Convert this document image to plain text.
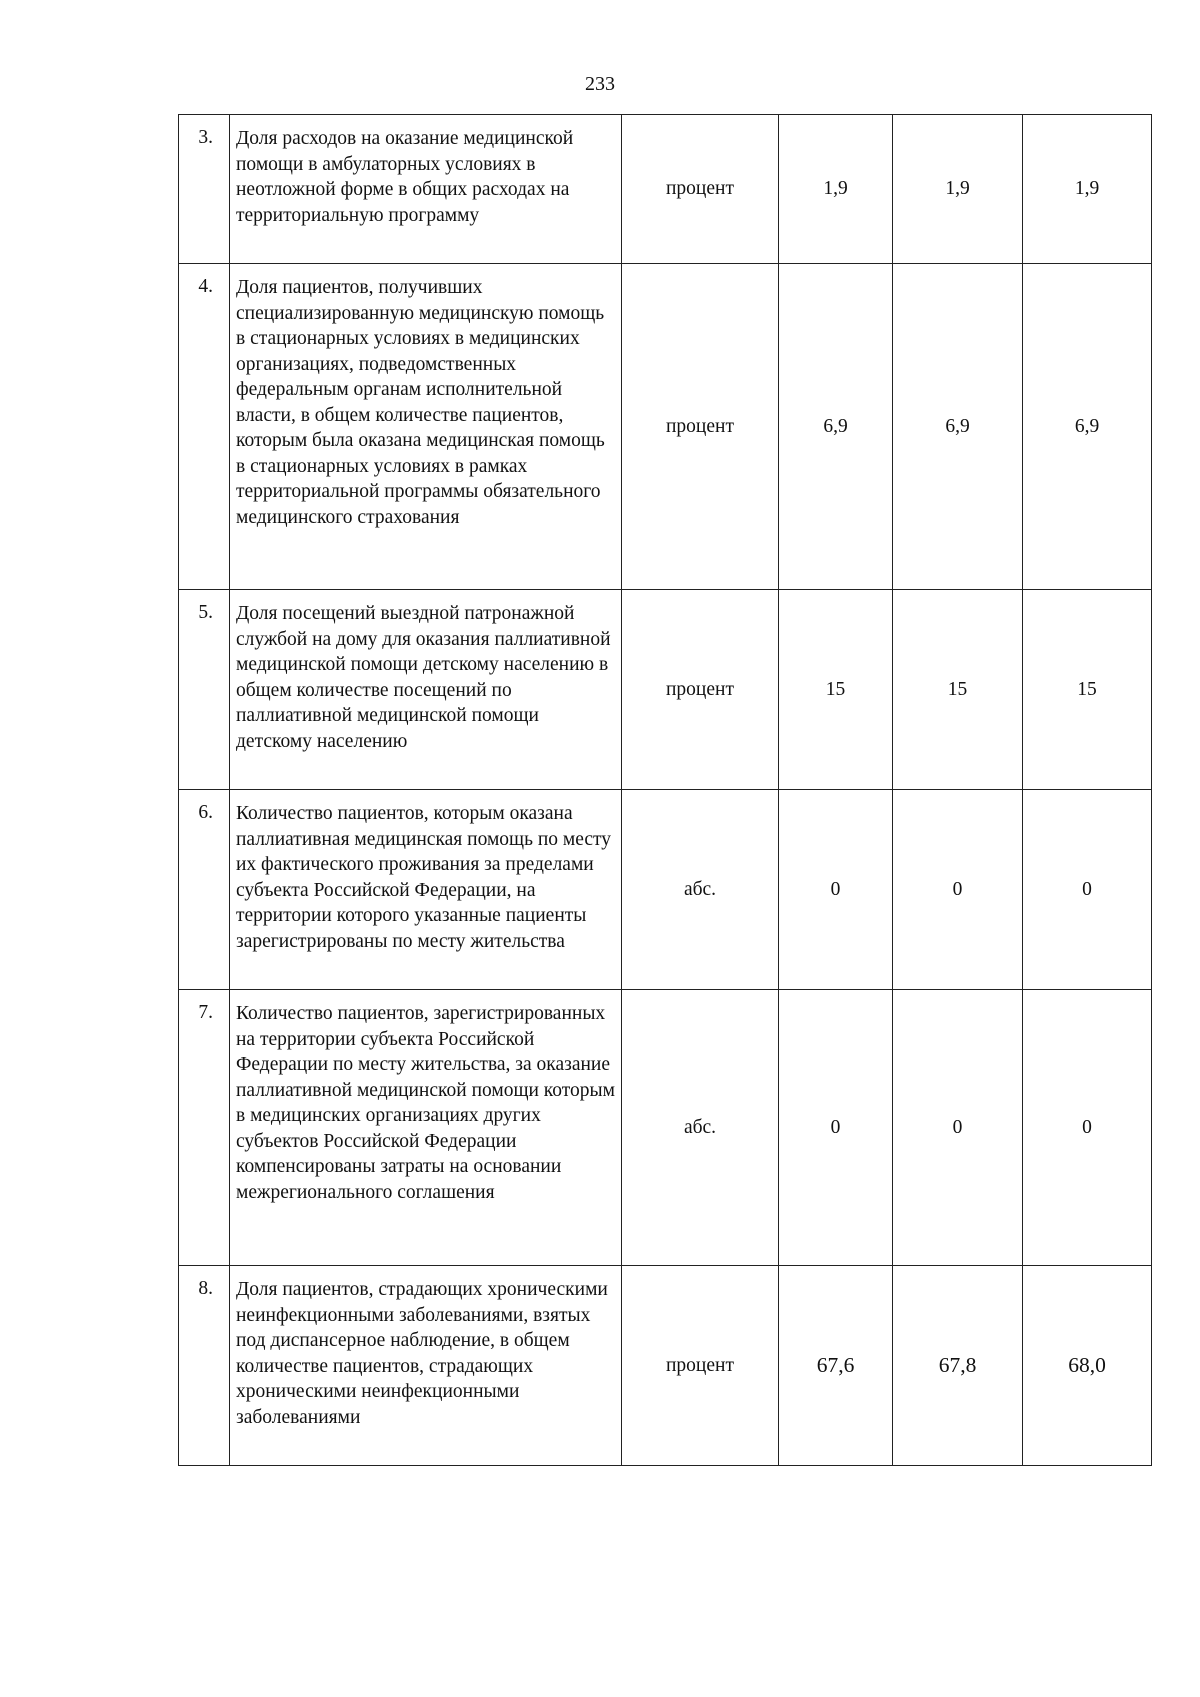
233
3.	Доля расходов на оказание медицинской помощи в амбулаторных условиях в неотложной форме в общих расходах на территориальную программу	процент	1,9	1,9	1,9
4.	Доля пациентов, получивших специализированную медицинскую помощь в стационарных условиях в медицинских организациях, подведомственных федеральным органам исполнительной власти, в общем количестве пациентов, которым была оказана медицинская помощь в стационарных условиях в рамках территориальной программы обязательного медицинского страхования	процент	6,9	6,9	6,9
5.	Доля посещений выездной патронажной службой на дому для оказания паллиативной медицинской помощи детскому населению в общем количестве посещений по паллиативной медицинской помощи детскому населению	процент	15	15	15
6.	Количество пациентов, которым оказана паллиативная медицинская помощь по месту их фактического проживания за пределами субъекта Российской Федерации, на территории которого указанные пациенты зарегистрированы по месту жительства	абс.	0	0	0
7.	Количество пациентов, зарегистрированных на территории субъекта Российской Федерации по месту жительства, за оказание паллиативной медицинской помощи которым в медицинских организациях других субъектов Российской Федерации компенсированы затраты на основании межрегионального соглашения	абс.	0	0	0
8.	Доля пациентов, страдающих хроническими неинфекционными заболеваниями, взятых под диспансерное наблюдение, в общем количестве пациентов, страдающих хроническими неинфекционными заболеваниями	процент	67,6	67,8	68,0
